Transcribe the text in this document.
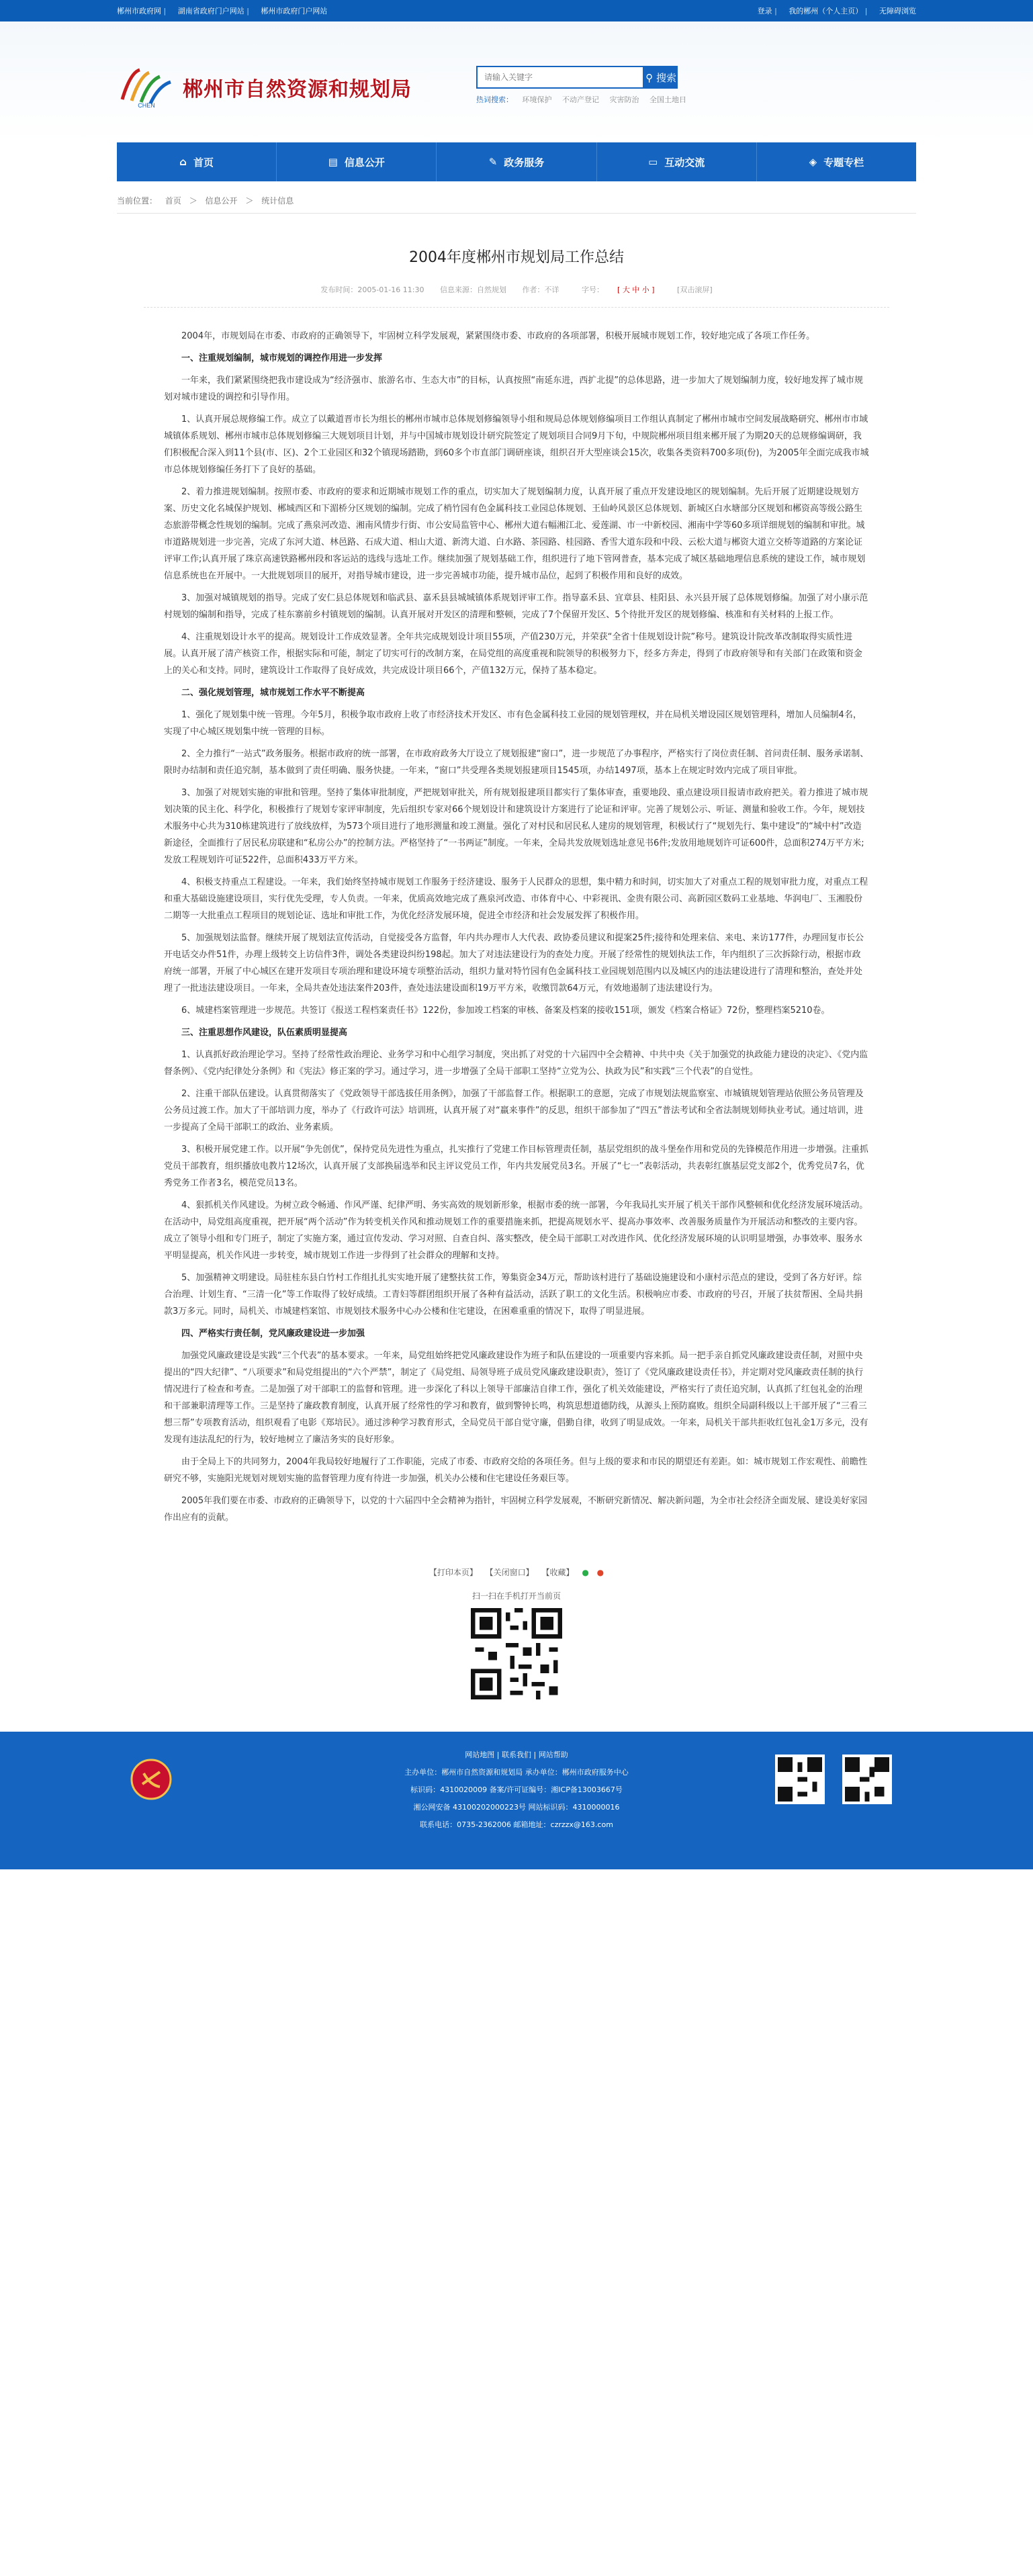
郴州市政府网 | 湖南省政府门户网站 | 郴州市政府门户网站	登录 | 我的郴州（个人主页） | 无障碍浏览
CHEN
郴州市自然资源和规划局
请输入关键字
⚲ 搜索
热词搜索： 环境保护 不动产登记 灾害防治 全国土地日
⌂ 首页	▤ 信息公开	✎ 政务服务	▭ 互动交流	◈ 专题专栏
当前位置： 首页 ＞ 信息公开 ＞ 统计信息
2004年度郴州市规划局工作总结
发布时间：2005-01-16 11:30 信息来源：自然规划 作者：不详	字号： [ 大 中 小 ]	[双击滚屏]

2004年，市规划局在市委、市政府的正确领导下，牢固树立科学发展观，紧紧围绕市委、市政府的各项部署，积极开展城市规划工作，较好地完成了各项工作任务。

一、注重规划编制，城市规划的调控作用进一步发挥

一年来，我们紧紧围绕把我市建设成为“经济强市、旅游名市、生态大市”的目标，认真按照“南延东进，西扩北提”的总体思路，进一步加大了规划编制力度，较好地发挥了城市规划对城市建设的调控和引导作用。

1、认真开展总规修编工作。成立了以戴道晋市长为组长的郴州市城市总体规划修编领导小组和规局总体规划修编项目工作组认真制定了郴州市城市空间发展战略研究、郴州市市域城镇体系规划、郴州市城市总体规划修编三大规划项目计划，并与中国城市规划设计研究院签定了规划项目合同9月下旬，中规院郴州项目组来郴开展了为期20天的总规修编调研，我们积极配合深入到11个县(市、区)、2个工业园区和32个镇现场踏勘，到60多个市直部门调研座谈，组织召开大型座谈会15次，收集各类资料700多项(份)，为2005年全面完成我市城市总体规划修编任务打下了良好的基础。

2、着力推进规划编制。按照市委、市政府的要求和近期城市规划工作的重点，切实加大了规划编制力度，认真开展了重点开发建设地区的规划编制。先后开展了近期建设规划方案、历史文化名城保护规划、郴城西区和下湄桥分区规划的编制。完成了梢竹园有色金属科技工业园总体规划、王仙岭风景区总体规划、新城区白水塘部分区规划和郴资高等级公路生态旅游带概念性规划的编制。完成了燕泉河改造、湘南风情步行街、市公安局监管中心、郴州大道右幅湘江北、爱莲湖、市一中新校园、湘南中学等60多项详细规划的编制和审批。城市道路规划进一步完善，完成了东河大道、林邑路、石成大道、相山大道、新湾大道、白水路、茶园路、桂园路、香雪大道东段和中段、云松大道与郴资大道立交桥等道路的方案论证评审工作;认真开展了珠京高速铁路郴州段和客运站的选线与选址工作。继续加强了规划基础工作，组织进行了地下管网普查，基本完成了城区基础地理信息系统的建设工作，城市规划信息系统也在开展中。一大批规划项目的展开，对指导城市建设，进一步完善城市功能，提升城市品位，起到了积极作用和良好的成效。

3、加强对城镇规划的指导。完成了安仁县总体规划和临武县、嘉禾县县城城镇体系规划评审工作。指导嘉禾县、宜章县、桂阳县、永兴县开展了总体规划修编。加强了对小康示范村规划的编制和指导，完成了桂东寨前乡村镇规划的编制。认真开展对开发区的清理和整顿，完成了7个保留开发区、5个待批开发区的规划修编、核准和有关材料的上报工作。

4、注重规划设计水平的提高。规划设计工作成效显著。全年共完成规划设计项目55项，产值230万元，并荣获“全省十佳规划设计院”称号。建筑设计院改革改制取得实质性进展。认真开展了清产核资工作，根据实际和可能，制定了切实可行的改制方案，在局党组的高度重视和院领导的积极努力下，经多方奔走，得到了市政府领导和有关部门在政策和资金上的关心和支持。同时，建筑设计工作取得了良好成效，共完成设计项目66个，产值132万元，保持了基本稳定。

二、强化规划管理，城市规划工作水平不断提高

1、强化了规划集中统一管理。今年5月，积极争取市政府上收了市经济技术开发区、市有色金属科技工业园的规划管理权，并在局机关增设园区规划管理科，增加人员编制4名，实现了中心城区规划集中统一管理的目标。

2、全力推行“一站式”政务服务。根据市政府的统一部署，在市政府政务大厅设立了规划报建“窗口”，进一步规范了办事程序，严格实行了岗位责任制、首问责任制、服务承诺制、限时办结制和责任追究制，基本做到了责任明确、服务快捷。一年来，“窗口”共受理各类规划报建项目1545项，办结1497项，基本上在规定时效内完成了项目审批。

3、加强了对规划实施的审批和管理。坚持了集体审批制度，严把规划审批关，所有规划报建项目都实行了集体审查，重要地段、重点建设项目报请市政府把关。着力推进了城市规划决策的民主化、科学化，积极推行了规划专家评审制度，先后组织专家对66个规划设计和建筑设计方案进行了论证和评审。完善了规划公示、听证、测量和验收工作。今年，规划技术服务中心共为310栋建筑进行了放线放样，为573个项目进行了地形测量和竣工测量。强化了对村民和居民私人建房的规划管理，积极试行了“规划先行、集中建设”的“城中村”改造新途径，全面推行了居民私房联建和“私房公办”的控制方法。严格坚持了“一书两证”制度。一年来，全局共发放规划选址意见书6件;发放用地规划许可证600件，总面积274万平方米;发放工程规划许可证522件，总面积433万平方米。

4、积极支持重点工程建设。一年来，我们始终坚持城市规划工作服务于经济建设、服务于人民群众的思想，集中精力和时间，切实加大了对重点工程的规划审批力度，对重点工程和重大基础设施建设项目，实行优先受理，专人负责。一年来，优质高效地完成了燕泉河改造、市体育中心、中彩视讯、金贵有限公司、高新园区数码工业基地、华润电厂、玉湘股份二期等一大批重点工程项目的规划论证、选址和审批工作，为优化经济发展环境，促进全市经济和社会发展发挥了积极作用。

5、加强规划法监督。继续开展了规划法宣传活动，自觉接受各方监督，年内共办理市人大代表、政协委员建议和提案25件;接待和处理来信、来电、来访177件，办理回复市长公开电话交办件51件，办理上级转交上访信件3件，调处各类建设纠纷198起。加大了对违法建设行为的查处力度。开展了经常性的规划执法工作，年内组织了三次拆除行动，根据市政府统一部署，开展了中心城区在建开发项目专项治理和建设环境专项整治活动，组织力量对特竹园有色金属科技工业园规划范围内以及城区内的违法建设进行了清理和整治，查处并处理了一批违法建设项目。一年来，全局共查处违法案件203件，查处违法建设面积19万平方米，收缴罚款64万元，有效地遏制了违法建设行为。

6、城建档案管理进一步规范。共签订《报送工程档案责任书》122份，参加竣工档案的审核、备案及档案的接收151项，颁发《档案合格证》72份，整理档案5210卷。

三、注重思想作风建设，队伍素质明显提高

1、认真抓好政治理论学习。坚持了经常性政治理论、业务学习和中心组学习制度，突出抓了对党的十六届四中全会精神、中共中央《关于加强党的执政能力建设的决定》、《党内监督条例》、《党内纪律处分条例》和《宪法》修正案的学习。通过学习，进一步增强了全局干部职工坚持“立党为公、执政为民”和实践“三个代表”的自觉性。

2、注重干部队伍建设。认真贯彻落实了《党政领导干部选拔任用条例》，加强了干部监督工作。根据职工的意愿，完成了市规划法规监察室、市城镇规划管理站依照公务员管理及公务员过渡工作。加大了干部培训力度，举办了《行政许可法》培训班，认真开展了对“羸来事件”的反思，组织干部参加了“四五”普法考试和全省法制规划师执业考试。通过培训，进一步提高了全局干部职工的政治、业务素质。

3、积极开展党建工作。以开展“争先创优”，保持党员先进性为重点，扎实推行了党建工作目标管理责任制，基层党组织的战斗堡垒作用和党员的先锋模范作用进一步增强。注重抓党员干部教育，组织播放电教片12场次，认真开展了支部换届选举和民主评议党员工作，年内共发展党员3名。开展了“七一”表彰活动，共表彰红旗基层党支部2个，优秀党员7名，优秀党务工作者3名，模范党员13名。

4、狠抓机关作风建设。为树立政令畅通、作风严谨、纪律严明、务实高效的规划新形象，根据市委的统一部署，今年我局扎实开展了机关干部作风整顿和优化经济发展环境活动。在活动中，局党组高度重视，把开展“两个活动”作为转变机关作风和推动规划工作的重要措施来抓，把提高规划水平、提高办事效率、改善服务质量作为开展活动和整改的主要内容。成立了领导小组和专门班子，制定了实施方案，通过宣传发动、学习对照、自查自纠、落实整改，使全局干部职工对改进作风、优化经济发展环境的认识明显增强，办事效率、服务水平明显提高，机关作风进一步转变，城市规划工作进一步得到了社会群众的理解和支持。

5、加强精神文明建设。局驻桂东县白竹村工作组扎扎实实地开展了建整扶贫工作，筹集资金34万元，帮助该村进行了基础设施建设和小康村示范点的建设，受到了各方好评。综合治理、计划生育、“三清一化”等工作取得了较好成绩。工青妇等群团组织开展了各种有益活动，活跃了职工的文化生活。积极响应市委、市政府的号召，开展了扶贫帮困、全局共捐款3万多元。同时，局机关、市城建档案馆、市规划技术服务中心办公楼和住宅建设，在困难重重的情况下，取得了明显进展。

四、严格实行责任制，党风廉政建设进一步加强

加强党风廉政建设是实践“三个代表”的基本要求。一年来，局党组始终把党风廉政建设作为班子和队伍建设的一项重要内容来抓。局一把手亲自抓党风廉政建设责任制，对照中央提出的“四大纪律”、“八项要求”和局党组提出的“六个严禁”，制定了《局党组、局领导班子成员党风廉政建设职责》，签订了《党风廉政建设责任书》，并定期对党风廉政责任制的执行情况进行了检查和考查。二是加强了对干部职工的监督和管理。进一步深化了科以上领导干部廉洁自律工作，强化了机关效能建设，严格实行了责任追究制，认真抓了红包礼金的治理和干部兼职清理等工作。三是坚持了廉政教育制度，认真开展了经常性的学习和教育，做到警钟长鸣，构筑思想道德防线，从源头上预防腐败。组织全局副科级以上干部开展了“三看三想三帮”专项教育活动，组织观看了电影《郑培民》。通过涉种学习教育形式，全局党员干部自觉守廉，倡勤自律，收到了明显成效。一年来，局机关干部共拒收红包礼金1万多元，没有发现有违法乱纪的行为，较好地树立了廉洁务实的良好形象。

由于全局上下的共同努力，2004年我局较好地履行了工作职能，完成了市委、市政府交给的各项任务。但与上级的要求和市民的期望还有差距。如：城市规划工作宏观性、前瞻性研究不够，实施阳光规划对规划实施的监督管理力度有待进一步加强，机关办公楼和住宅建设任务艰巨等。

2005年我们要在市委、市政府的正确领导下，以党的十六届四中全会精神为指针，牢固树立科学发展观，不断研究新情况、解决新问题，为全市社会经济全面发展、建设美好家园作出应有的贡献。

【打印本页】 【关闭窗口】 【收藏】 ● ●
扫一扫在手机打开当前页
网站地图 | 联系我们 | 网站帮助
主办单位：郴州市自然资源和规划局 承办单位：郴州市政府服务中心
标识码：4310020009 备案/许可证编号：湘ICP备13003667号
湘公网安备 43100202000223号 网站标识码：4310000016
联系电话：0735-2362006 邮箱地址：czrzzx@163.com
